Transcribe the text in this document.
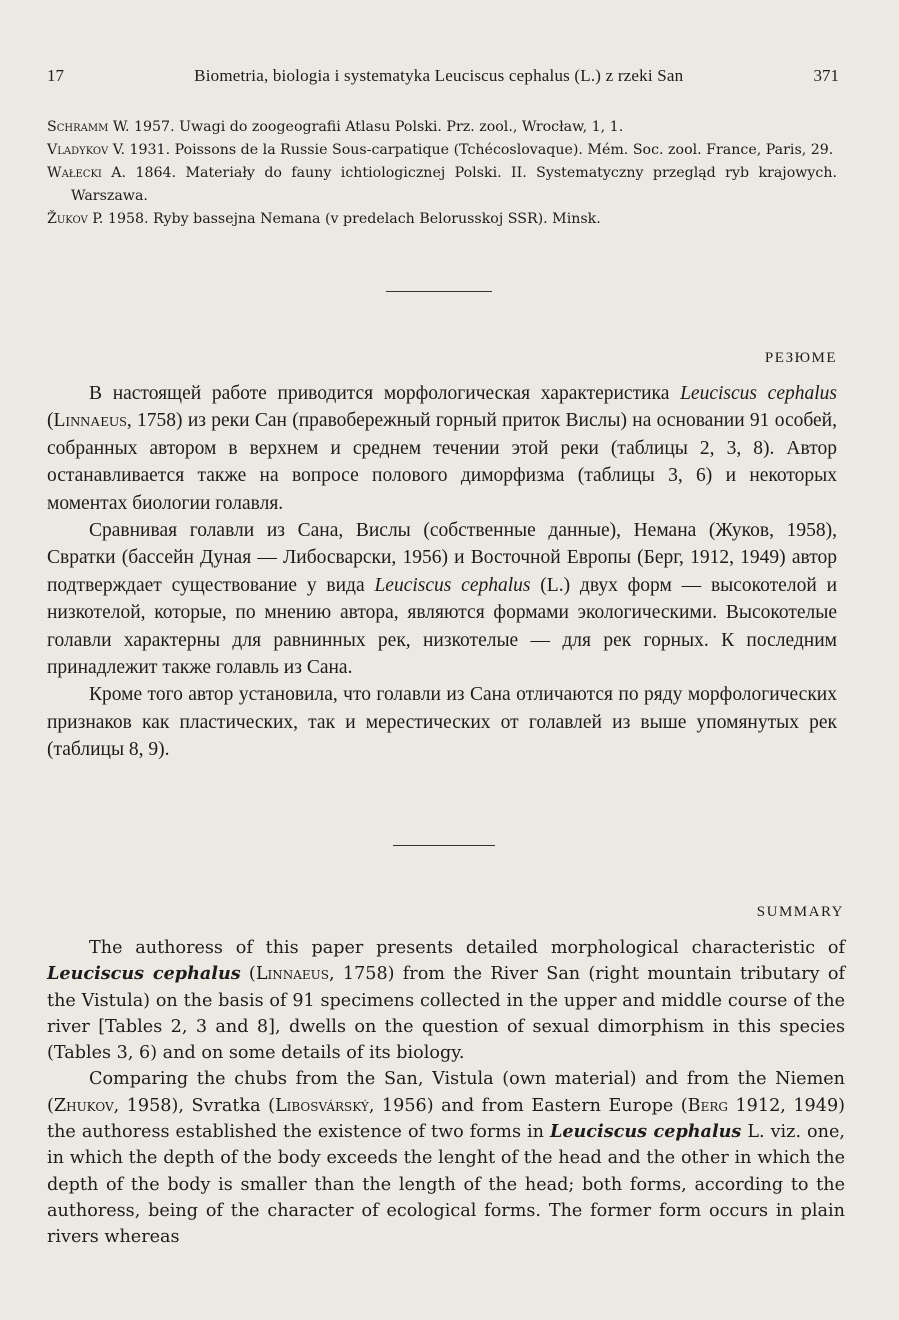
17	Biometria, biologia i systematyka Leuciscus cephalus (L.) z rzeki San	371
Schramm W. 1957. Uwagi do zoogeografii Atlasu Polski. Prz. zool., Wrocław, 1, 1.
Vladykov V. 1931. Poissons de la Russie Sous-carpatique (Tchécoslovaque). Mém. Soc. zool. France, Paris, 29.
Wałecki A. 1864. Materiały do fauny ichtiologicznej Polski. II. Systematyczny przegląd ryb krajowych. Warszawa.
Žukov P. 1958. Ryby bassejna Nemana (v predelach Belorusskoj SSR). Minsk.
РЕЗЮМЕ

В настоящей работе приводится морфологическая характеристика Leuciscus cephalus (Linnaeus, 1758) из реки Сан (правобережный горный приток Вислы) на основании 91 особей, собранных автором в верхнем и среднем течении этой реки (таблицы 2, 3, 8). Автор останавливается также на вопросе полового диморфизма (таблицы 3, 6) и некоторых моментах биологии голавля.

Сравнивая голавли из Сана, Вислы (собственные данные), Немана (Жуков, 1958), Свратки (бассейн Дуная — Либосварски, 1956) и Восточной Европы (Берг, 1912, 1949) автор подтверждает существование у вида Leuciscus cephalus (L.) двух форм — высокотелой и низкотелой, которые, по мнению автора, являются формами экологическими. Высокотелые голавли характерны для равнинных рек, низкотелые — для рек горных. К последним принадлежит также голавль из Сана.

Кроме того автор установила, что голавли из Сана отличаются по ряду морфологических признаков как пластических, так и мерестических от голавлей из выше упомянутых рек (таблицы 8, 9).

SUMMARY

The authoress of this paper presents detailed morphological characteristic of Leuciscus cephalus (Linnaeus, 1758) from the River San (right mountain tributary of the Vistula) on the basis of 91 specimens collected in the upper and middle course of the river [Tables 2, 3 and 8], dwells on the question of sexual dimorphism in this species (Tables 3, 6) and on some details of its biology.

Comparing the chubs from the San, Vistula (own material) and from the Niemen (Zhukov, 1958), Svratka (Libosvárský, 1956) and from Eastern Europe (Berg 1912, 1949) the authoress established the existence of two forms in Leuciscus cephalus L. viz. one, in which the depth of the body exceeds the lenght of the head and the other in which the depth of the body is smaller than the length of the head; both forms, according to the authoress, being of the character of ecological forms. The former form occurs in plain rivers whereas
